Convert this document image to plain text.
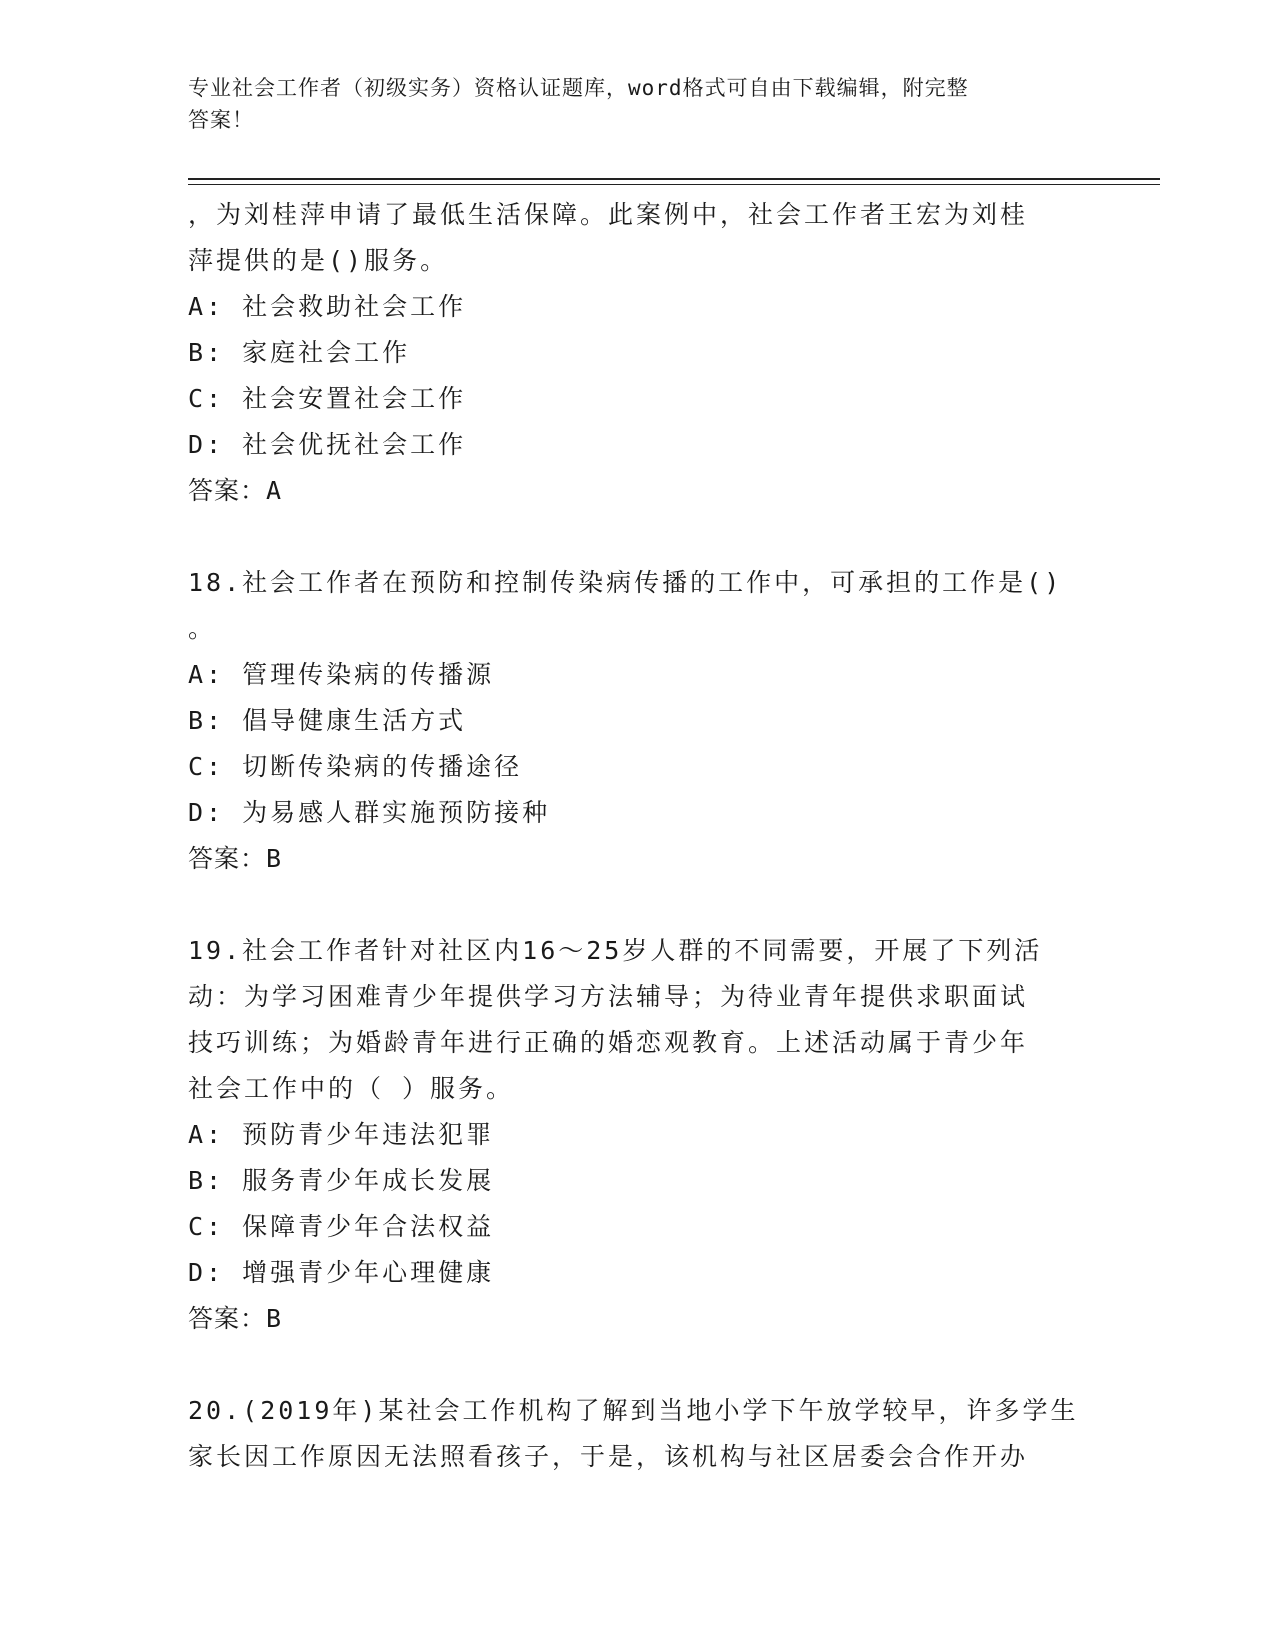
专业社会工作者（初级实务）资格认证题库，word格式可自由下载编辑，附完整
答案！
，为刘桂萍申请了最低生活保障。此案例中，社会工作者王宏为刘桂
萍提供的是()服务。
A: 社会救助社会工作
B: 家庭社会工作
C: 社会安置社会工作
D: 社会优抚社会工作
答案：A
18.社会工作者在预防和控制传染病传播的工作中，可承担的工作是()
。
A: 管理传染病的传播源
B: 倡导健康生活方式
C: 切断传染病的传播途径
D: 为易感人群实施预防接种
答案：B
19.社会工作者针对社区内16～25岁人群的不同需要，开展了下列活
动：为学习困难青少年提供学习方法辅导；为待业青年提供求职面试
技巧训练；为婚龄青年进行正确的婚恋观教育。上述活动属于青少年
社会工作中的（ ）服务。
A: 预防青少年违法犯罪
B: 服务青少年成长发展
C: 保障青少年合法权益
D: 增强青少年心理健康
答案：B
20.(2019年)某社会工作机构了解到当地小学下午放学较早，许多学生
家长因工作原因无法照看孩子，于是，该机构与社区居委会合作开办
